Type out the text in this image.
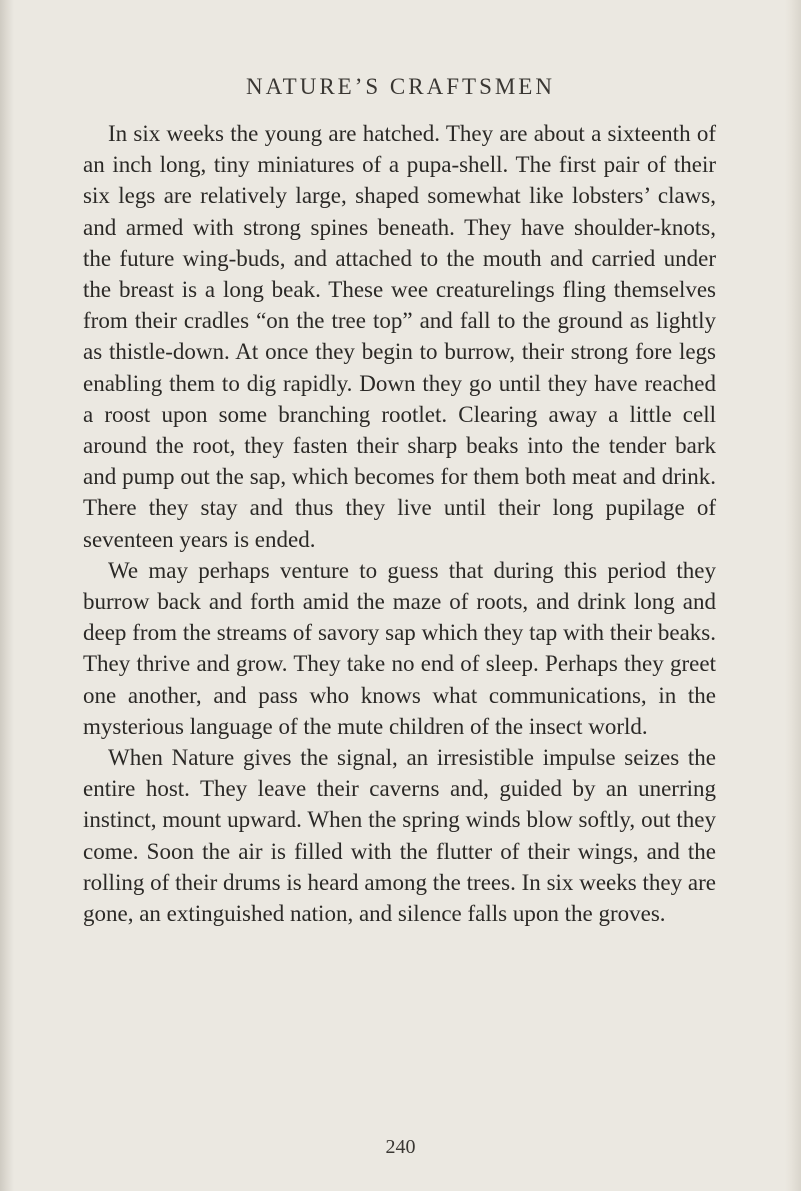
NATURE’S CRAFTSMEN

In six weeks the young are hatched. They are about a sixteenth of an inch long, tiny miniatures of a pupa-shell. The first pair of their six legs are relatively large, shaped somewhat like lobsters’ claws, and armed with strong spines beneath. They have shoulder-knots, the future wing-buds, and attached to the mouth and carried under the breast is a long beak. These wee creaturelings fling themselves from their cradles “on the tree top” and fall to the ground as lightly as thistle-down. At once they begin to burrow, their strong fore legs enabling them to dig rapidly. Down they go until they have reached a roost upon some branching rootlet. Clearing away a little cell around the root, they fasten their sharp beaks into the tender bark and pump out the sap, which becomes for them both meat and drink. There they stay and thus they live until their long pupilage of seventeen years is ended.

We may perhaps venture to guess that during this period they burrow back and forth amid the maze of roots, and drink long and deep from the streams of savory sap which they tap with their beaks. They thrive and grow. They take no end of sleep. Perhaps they greet one another, and pass who knows what communications, in the mysterious language of the mute children of the insect world.

When Nature gives the signal, an irresistible impulse seizes the entire host. They leave their caverns and, guided by an unerring instinct, mount upward. When the spring winds blow softly, out they come. Soon the air is filled with the flutter of their wings, and the rolling of their drums is heard among the trees. In six weeks they are gone, an extinguished nation, and silence falls upon the groves.

240
